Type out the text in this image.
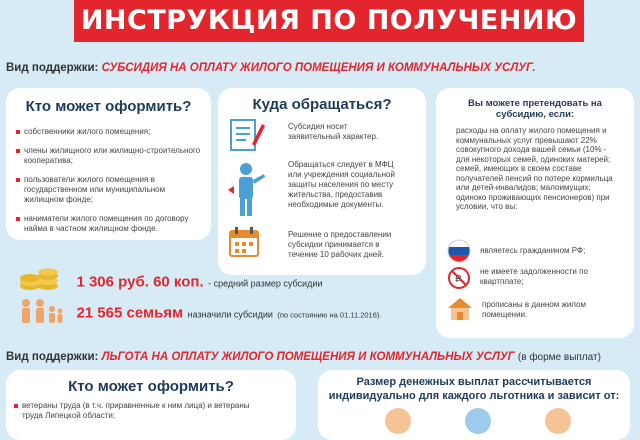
ИНСТРУКЦИЯ ПО ПОЛУЧЕНИЮ
Вид поддержки: СУБСИДИЯ НА ОПЛАТУ ЖИЛОГО ПОМЕЩЕНИЯ И КОММУНАЛЬНЫХ УСЛУГ.
Кто может оформить?
собственники жилого помещения;
члены жилищного или жилищно-строительного кооператива;
пользователи жилого помещения в государственном или муниципальном жилищном фонде;
наниматели жилого помещения по договору найма в частном жилищном фонде.
Куда обращаться?
Субсидия носит заявительный характер.
Обращаться следует в МФЦ или учреждения социальной защиты населения по месту жительства, предоставив необходимые документы.
Решение о предоставлении субсидии принимается в течение 10 рабочих дней.
Вы можете претендовать на субсидию, если:
расходы на оплату жилого помещения и коммунальных услуг превышают 22% совокупного дохода вашей семьи (10% - для некоторых семей, одиноких матерей; семей, имеющих в своем составе получателей пенсий по потере кормильца или детей-инвалидов; малоимущих; одиноко проживающих пенсионеров) при условии, что вы:
являетесь гражданином РФ;
₽
не имеете задолженности по квартплате;
прописаны в данном жилом помещении.
1 306 руб. 60 коп. - средний размер субсидии
21 565 семьям назначили субсидии (по состоянию на 01.11.2016).
Вид поддержки: ЛЬГОТА НА ОПЛАТУ ЖИЛОГО ПОМЕЩЕНИЯ И КОММУНАЛЬНЫХ УСЛУГ (в форме выплат)
Кто может оформить?
ветераны труда (в т.ч. приравненные к ним лица) и ветераны труда Липецкой области;
Размер денежных выплат рассчитывается
индивидуально для каждого льготника и зависит от:
